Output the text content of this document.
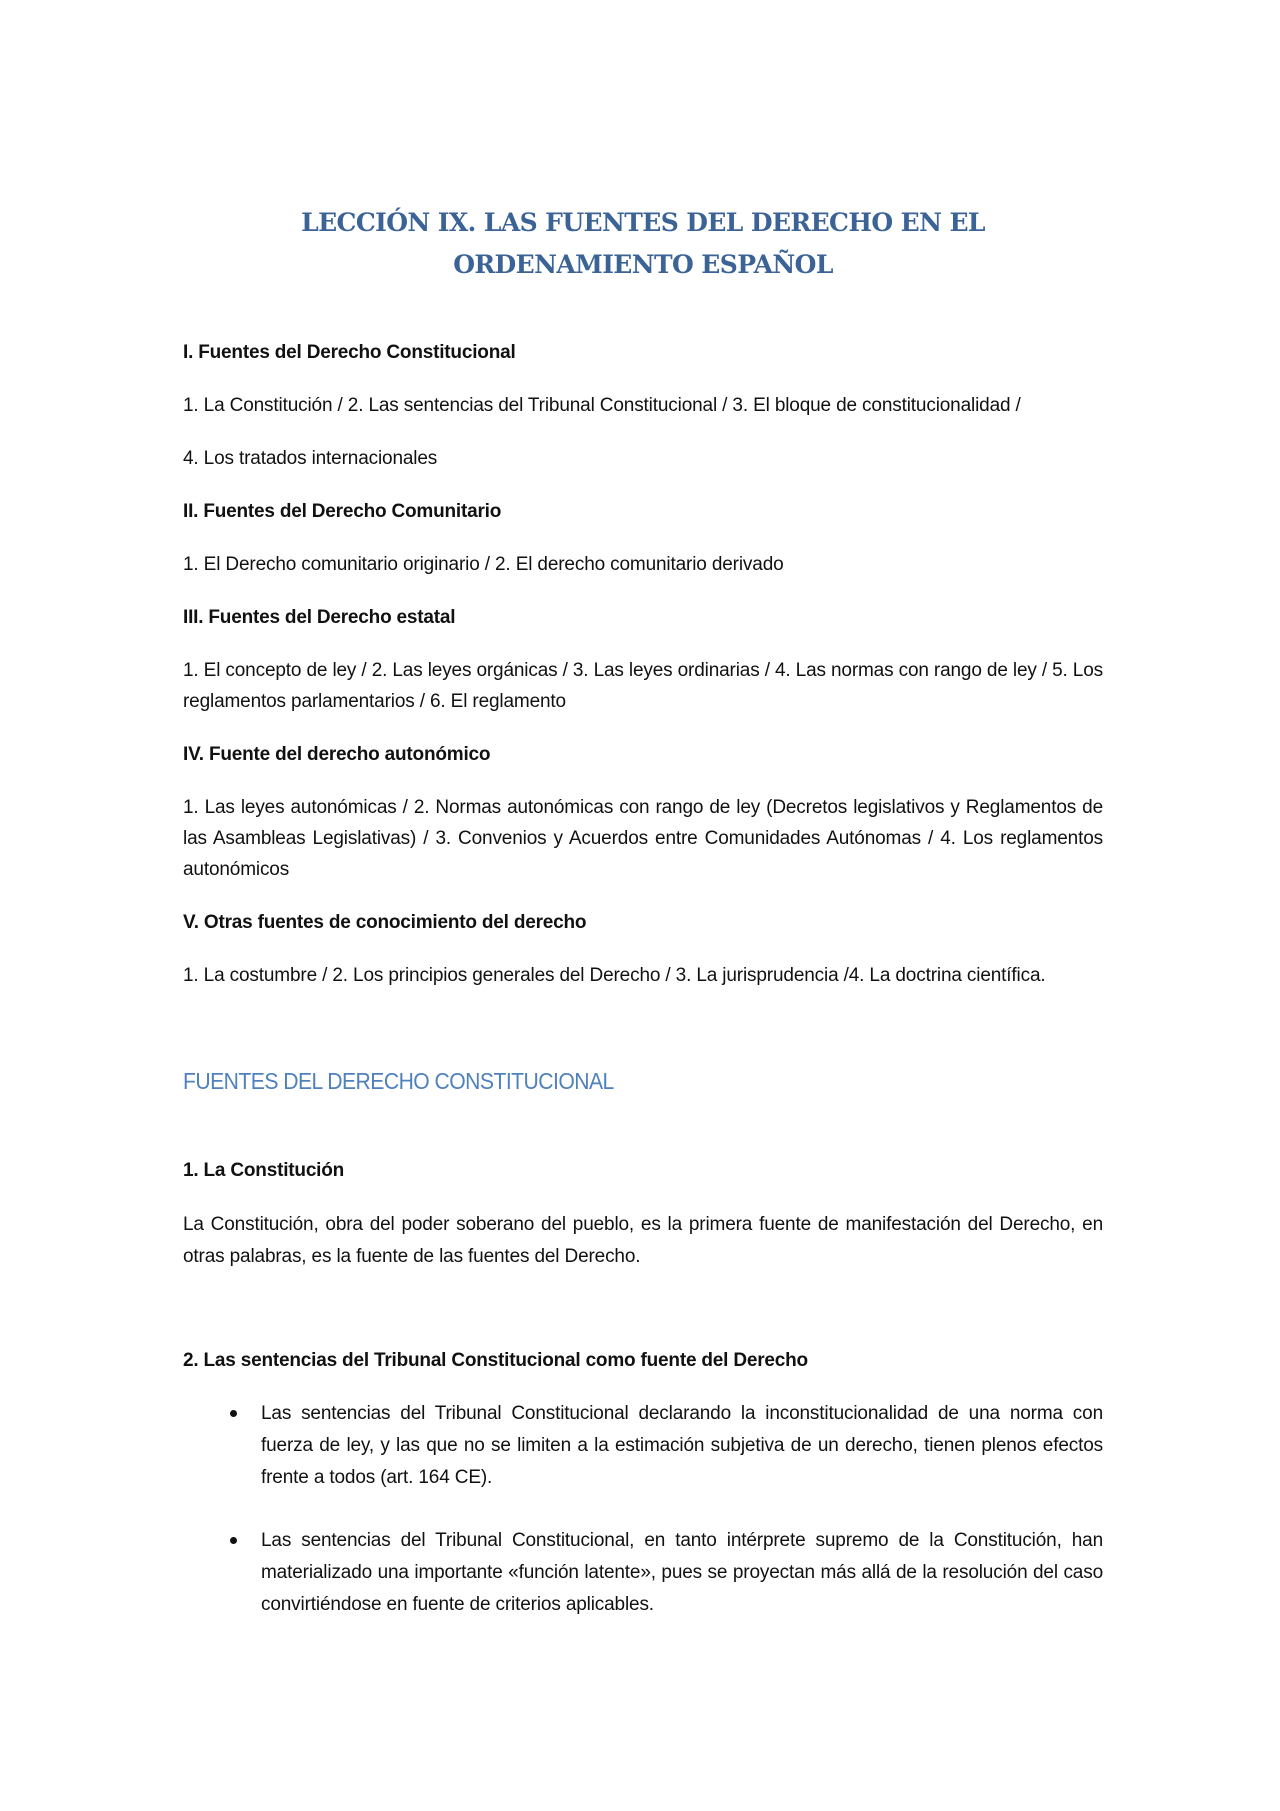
LECCIÓN IX. LAS FUENTES DEL DERECHO EN EL ORDENAMIENTO ESPAÑOL
I. Fuentes del Derecho Constitucional
1. La Constitución / 2. Las sentencias del Tribunal Constitucional / 3. El bloque de constitucionalidad /
4. Los tratados internacionales
II. Fuentes del Derecho Comunitario
1. El Derecho comunitario originario / 2. El derecho comunitario derivado
III. Fuentes del Derecho estatal
1. El concepto de ley / 2. Las leyes orgánicas / 3. Las leyes ordinarias / 4. Las normas con rango de ley / 5. Los reglamentos parlamentarios / 6. El reglamento
IV. Fuente del derecho autonómico
1. Las leyes autonómicas / 2. Normas autonómicas con rango de ley (Decretos legislativos y Reglamentos de las Asambleas Legislativas) / 3. Convenios y Acuerdos entre Comunidades Autónomas / 4. Los reglamentos autonómicos
V. Otras fuentes de conocimiento del derecho
1. La costumbre / 2. Los principios generales del Derecho / 3. La jurisprudencia /4. La doctrina científica.
FUENTES DEL DERECHO CONSTITUCIONAL
1. La Constitución
La Constitución, obra del poder soberano del pueblo, es la primera fuente de manifestación del Derecho, en otras palabras, es la fuente de las fuentes del Derecho.
2. Las sentencias del Tribunal Constitucional como fuente del Derecho
Las sentencias del Tribunal Constitucional declarando la inconstitucionalidad de una norma con fuerza de ley, y las que no se limiten a la estimación subjetiva de un derecho, tienen plenos efectos frente a todos (art. 164 CE).
Las sentencias del Tribunal Constitucional, en tanto intérprete supremo de la Constitución, han materializado una importante «función latente», pues se proyectan más allá de la resolución del caso convirtiéndose en fuente de criterios aplicables.
